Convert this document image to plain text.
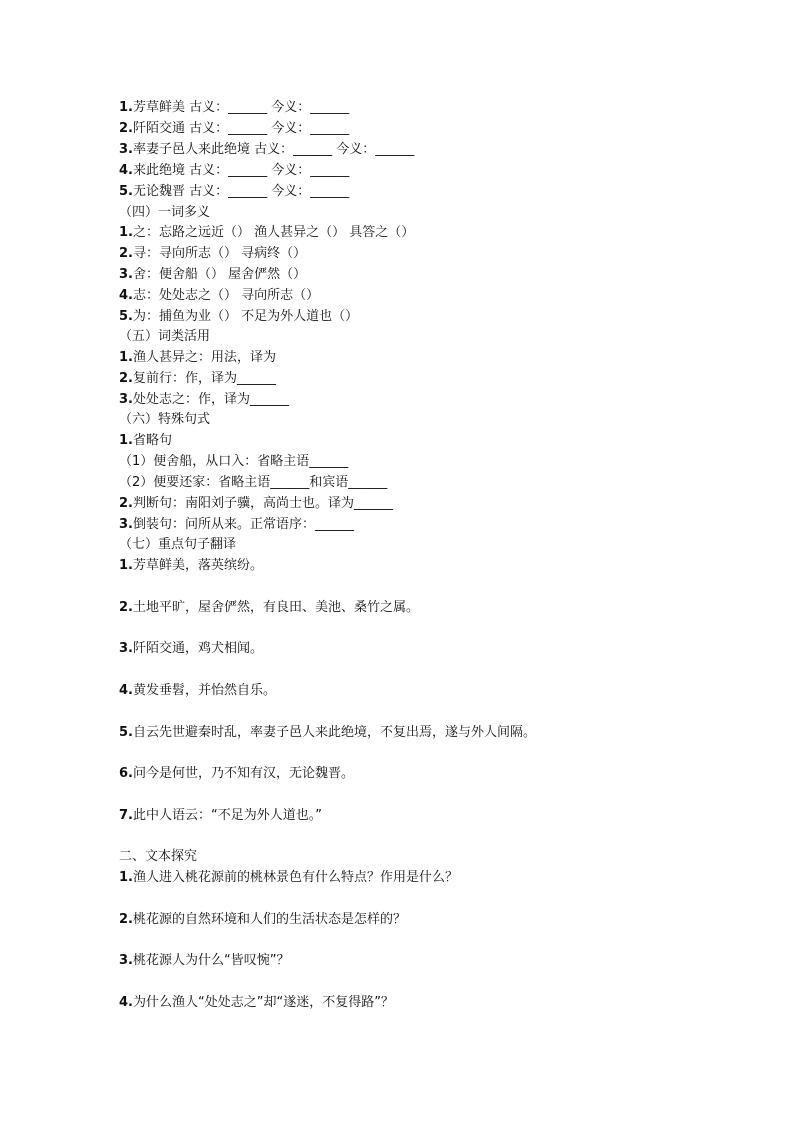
1.芳草鲜美 古义：______ 今义：______

2.阡陌交通 古义：______ 今义：______

3.率妻子邑人来此绝境 古义：______ 今义：______

4.来此绝境 古义：______ 今义：______

5.无论魏晋 古义：______ 今义：______

（四）一词多义

1.之：忘路之远近（） 渔人甚异之（） 具答之（）

2.寻：寻向所志（） 寻病终（）

3.舍：便舍船（） 屋舍俨然（）

4.志：处处志之（） 寻向所志（）

5.为：捕鱼为业（） 不足为外人道也（）

（五）词类活用

1.渔人甚异之：用法，译为

2.复前行：作，译为______

3.处处志之：作，译为______

（六）特殊句式

1.省略句

（1）便舍船，从口入：省略主语______

（2）便要还家：省略主语______和宾语______

2.判断句：南阳刘子骥，高尚士也。译为______

3.倒装句：问所从来。正常语序：______

（七）重点句子翻译

1.芳草鲜美，落英缤纷。

2.土地平旷，屋舍俨然，有良田、美池、桑竹之属。

3.阡陌交通，鸡犬相闻。

4.黄发垂髫，并怡然自乐。

5.自云先世避秦时乱，率妻子邑人来此绝境，不复出焉，遂与外人间隔。

6.问今是何世，乃不知有汉，无论魏晋。

7.此中人语云：“不足为外人道也。”

二、文本探究

1.渔人进入桃花源前的桃林景色有什么特点？作用是什么？

2.桃花源的自然环境和人们的生活状态是怎样的？

3.桃花源人为什么“皆叹惋”？

4.为什么渔人“处处志之”却“遂迷，不复得路”？
